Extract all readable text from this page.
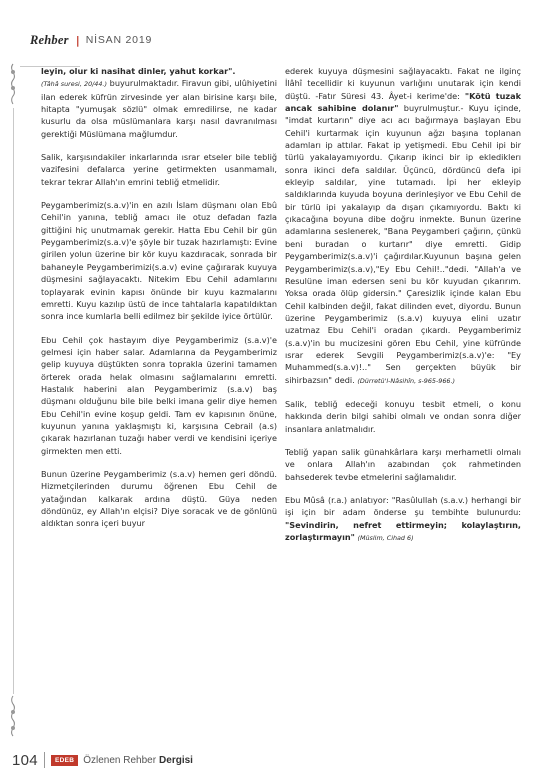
Rehber | NİSAN 2019

leyin, olur ki nasihat dinler, yahut korkar".
(Tâhâ suresi, 20/44.) buyurulmaktadır. Firavun gibi, ulûhiyetini ilan ederek küfrün zirvesinde yer alan birisine karşı bile, hitapta "yumuşak sözlü" olmak emredilirse, ne kadar kusurlu da olsa müslümanlara karşı nasıl davranılması gerektiği Müslümana mağlumdur.

Salik, karşısındakiler inkarlarında ısrar etseler bile tebliğ vazifesini defalarca yerine getirmekten usanmamalı, tekrar tekrar Allah'ın emrini tebliğ etmelidir.

Peygamberimiz(s.a.v)'in en azılı İslam düşmanı olan Ebû Cehil'in yanına, tebliğ amacı ile otuz defadan fazla gittiğini hiç unutmamak gerekir. Hatta Ebu Cehil bir gün Peygamberimiz(s.a.v)'e şöyle bir tuzak hazırlamıştı: Evine girilen yolun üzerine bir kör kuyu kazdıracak, sonrada bir bahaneyle Peygamberimizi(s.a.v) evine çağırarak kuyuya düşmesini sağlayacaktı. Nitekim Ebu Cehil adamlarını toplayarak evinin kapısı önünde bir kuyu kazmalarını emretti. Kuyu kazılıp üstü de ince tahtalarla kapatıldıktan sonra ince kumlarla belli edilmez bir şekilde iyice örtülür.

Ebu Cehil çok hastayım diye Peygamberimiz (s.a.v)'e gelmesi için haber salar. Adamlarına da Peygamberimiz gelip kuyuya düştükten sonra toprakla üzerini tamamen örterek orada helak olmasını sağlamalarını emretti. Hastalık haberini alan Peygamberimiz (s.a.v) baş düşmanı olduğunu bile bile belki imana gelir diye hemen Ebu Cehil'in evine koşup geldi. Tam ev kapısının önüne, kuyunun yanına yaklaşmıştı ki, karşısına Cebrail (a.s) çıkarak hazırlanan tuzağı haber verdi ve kendisini içeriye girmekten men etti.

Bunun üzerine Peygamberimiz (s.a.v) hemen geri döndü. Hizmetçilerinden durumu öğrenen Ebu Cehil de yatağından kalkarak ardına düştü. Güya neden döndünüz, ey Allah'ın elçisi? Diye soracak ve de gönlünü aldıktan sonra içeri buyur

ederek kuyuya düşmesini sağlayacaktı. Fakat ne ilginç İlâhî tecellidir ki kuyunun varlığını unutarak için kendi düştü. -Fatır Süresi 43. Âyet-i kerime'de: "Kötü tuzak ancak sahibine dolanır" buyrulmuştur.- Kuyu içinde, "imdat kurtarın" diye acı acı bağırmaya başlayan Ebu Cehil'i kurtarmak için kuyunun ağzı başına toplanan adamları ip attılar. Fakat ip yetişmedi. Ebu Cehil ipi bir türlü yakalayamıyordu. Çıkarıp ikinci bir ip eklediklerı sonra ikinci defa saldılar. Üçüncü, dördüncü defa ipi ekleyip saldılar, yine tutamadı. İpi her ekleyip saldıklarında kuyuda boyuna derinleşiyor ve Ebu Cehil de bir türlü ipi yakalayıp da dışarı çıkamıyordu. Baktı ki çıkacağına boyuna dibe doğru inmekte. Bunun üzerine adamlarına seslenerek, "Bana Peygamberi çağırın, çünkü beni buradan o kurtarır" diye emretti. Gidip Peygamberimiz(s.a.v)'i çağırdılar.Kuyunun başına gelen Peygamberimiz(s.a.v),"Ey Ebu Cehil!.."dedi. "Allah'a ve Resulüne iman edersen seni bu kör kuyudan çıkarırım. Yoksa orada ölüp gidersin." Çaresizlik içinde kalan Ebu Cehil kalbinden değil, fakat dilinden evet, diyordu. Bunun üzerine Peygamberimiz (s.a.v) kuyuya elini uzatır uzatmaz Ebu Cehil'i oradan çıkardı. Peygamberimiz (s.a.v)'in bu mucizesini gören Ebu Cehil, yine küfründe ısrar ederek Sevgili Peygamberimiz(s.a.v)'e: "Ey Muhammed(s.a.v)!.." Sen gerçekten büyük bir sihirbazsın" dedi. (Dürretü'l-Nâsihîn, s-965-966.)

Salik, tebliğ edeceği konuyu tesbit etmeli, o konu hakkında derin bilgi sahibi olmalı ve ondan sonra diğer insanlara anlatmalıdır.

Tebliğ yapan salik günahkârlara karşı merhametli olmalı ve onlara Allah'ın azabından çok rahmetinden bahsederek tevbe etmelerini sağlamalıdır.

Ebu Mûsâ (r.a.) anlatıyor: "Rasûlullah (s.a.v.) herhangi bir işi için bir adam önderse şu tembihte bulunurdu: "Sevindirin, nefret ettirmeyin; kolaylaştırın, zorlaştırmayın" (Müslim, Cihad 6)

104	EDEB Özlenen Rehber Dergisi
